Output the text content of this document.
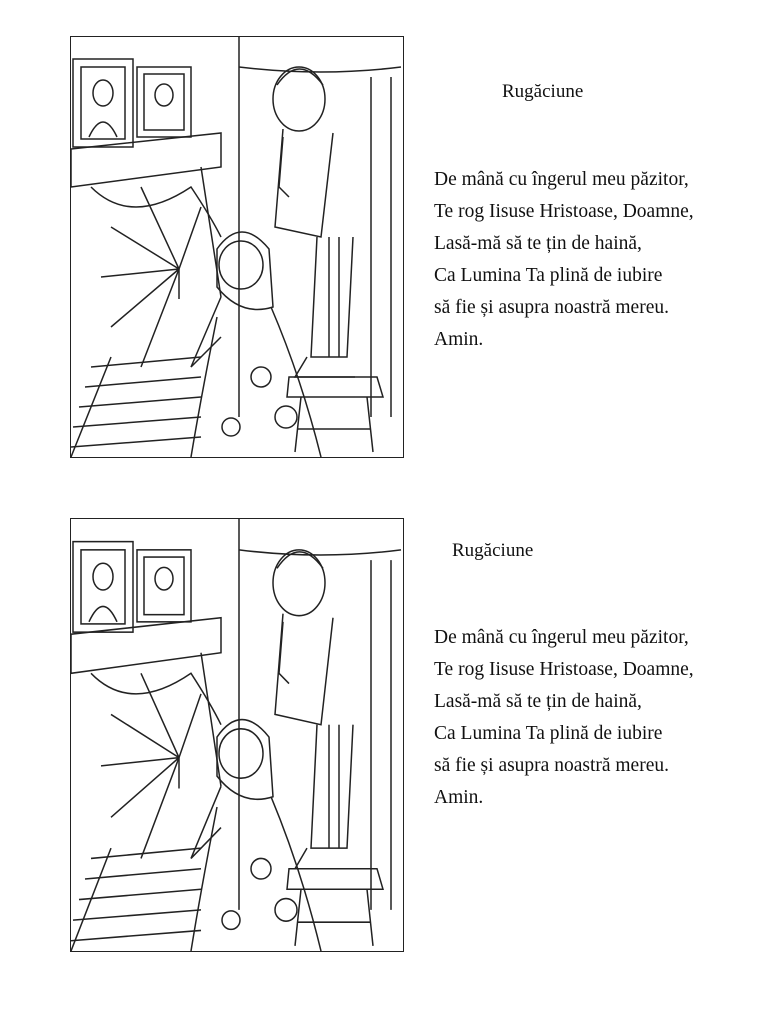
Rugăciune
De mână cu îngerul meu păzitor,
Te rog Iisuse Hristoase, Doamne,
Lasă-mă să te țin de haină,
Ca Lumina Ta plină de iubire
să fie și asupra noastră mereu.
Amin.
Rugăciune
De mână cu îngerul meu păzitor,
Te rog Iisuse Hristoase, Doamne,
Lasă-mă să te țin de haină,
Ca Lumina Ta plină de iubire
să fie și asupra noastră mereu.
Amin.
